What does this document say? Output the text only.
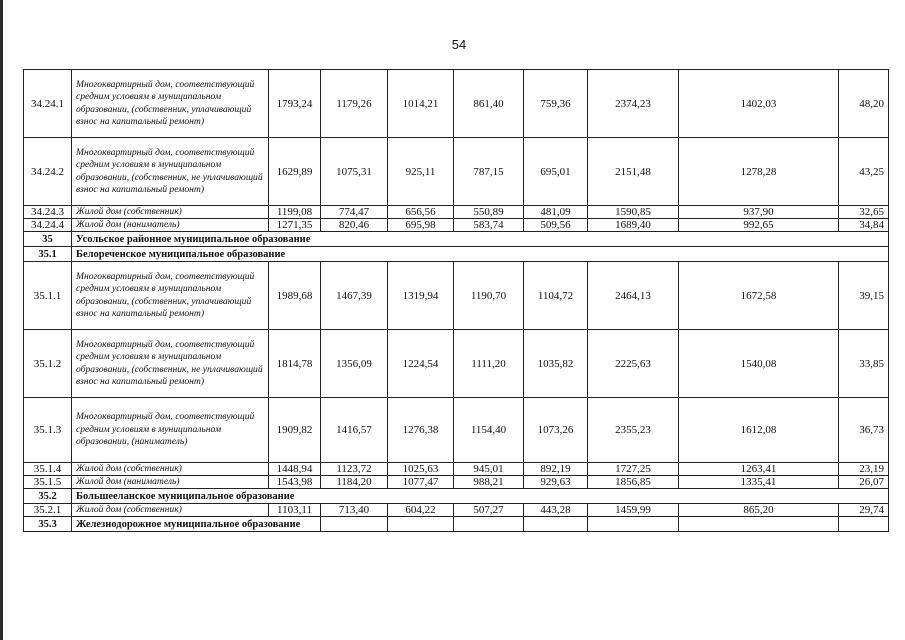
54
34.24.1	Многоквартирный дом, соответствующий средним условиям в муниципальном образовании, (собственник, уплачивающий взнос на капитальный ремонт)	1793,24	1179,26	1014,21	861,40	759,36	2374,23	1402,03	48,20
34.24.2	Многоквартирный дом, соответствующий средним условиям в муниципальном образовании, (собственник, не уплачивающий взнос на капитальный ремонт)	1629,89	1075,31	925,11	787,15	695,01	2151,48	1278,28	43,25
34.24.3	Жилой дом (собственник)	1199,08	774,47	656,56	550,89	481,09	1590,85	937,90	32,65
34.24.4	Жилой дом (наниматель)	1271,35	820,46	695,98	583,74	509,56	1689,40	992,65	34,84
35	Усольское районное муниципальное образование								
35.1	Белореченское муниципальное образование								
35.1.1	Многоквартирный дом, соответствующий средним условиям в муниципальном образовании, (собственник, уплачивающий взнос на капитальный ремонт)	1989,68	1467,39	1319,94	1190,70	1104,72	2464,13	1672,58	39,15
35.1.2	Многоквартирный дом, соответствующий средним условиям в муниципальном образовании, (собственник, не уплачивающий взнос на капитальный ремонт)	1814,78	1356,09	1224,54	1111,20	1035,82	2225,63	1540,08	33,85
35.1.3	Многоквартирный дом, соответствующий средним условиям в муниципальном образовании, (наниматель)	1909,82	1416,57	1276,38	1154,40	1073,26	2355,23	1612,08	36,73
35.1.4	Жилой дом (собственник)	1448,94	1123,72	1025,63	945,01	892,19	1727,25	1263,41	23,19
35.1.5	Жилой дом (наниматель)	1543,98	1184,20	1077,47	988,21	929,63	1856,85	1335,41	26,07
35.2	Большееланское муниципальное образование								
35.2.1	Жилой дом (собственник)	1103,11	713,40	604,22	507,27	443,28	1459,99	865,20	29,74
35.3	Железнодорожное муниципальное образование								
